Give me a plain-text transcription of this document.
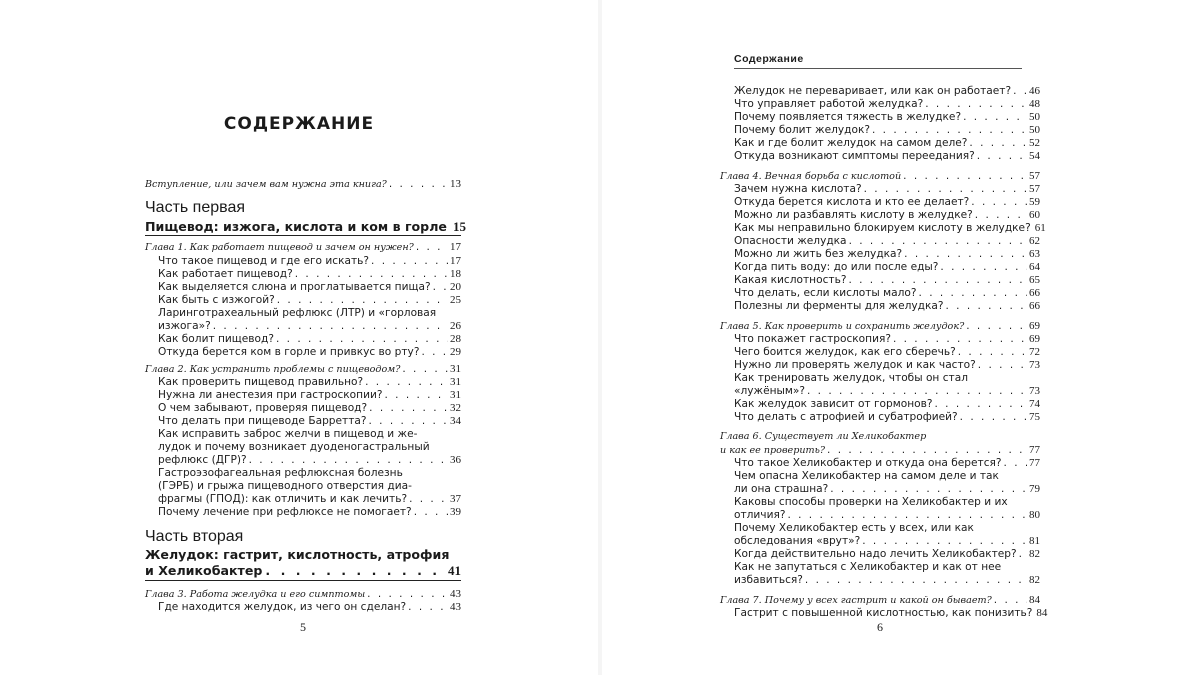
СОДЕРЖАНИЕ
Вступление, или зачем вам нужна эта книга? . . .	13
Часть первая
Пищевод: изжога, кислота и ком в горле 15
Глава 1. Как работает пищевод и зачем он нужен? . . .	17
Что такое пищевод и где его искать? . . .	17
Как работает пищевод? . . .	18
Как выделяется слюна и проглатывается пища? . . . 20
Как быть с изжогой? . . .	25
Ларинготрахеальный рефлюкс (ЛТР) и «горловая
изжога»? . . .	26
Как болит пищевод? . . .	28
Откуда берется ком в горле и привкус во рту? . . .	29
Глава 2. Как устранить проблемы с пищеводом? . . .	31
Как проверить пищевод правильно? . . .	31
Нужна ли анестезия при гастроскопии? . . .	31
О чем забывают, проверяя пищевод? . . .	32
Что делать при пищеводе Барретта? . . .	34
Как исправить заброс желчи в пищевод и же-
лудок и почему возникает дуоденогастральный
рефлюкс (ДГР)? . . .	36
Гастроэзофагеальная рефлюксная болезнь
(ГЭРБ) и грыжа пищеводного отверстия диа-
фрагмы (ГПОД): как отличить и как лечить? . . .	37
Почему лечение при рефлюксе не помогает? . . .	39
Часть вторая
Желудок: гастрит, кислотность, атрофия
и Хеликобактер . . .	41
Глава 3. Работа желудка и его симптомы . . .	43
Где находится желудок, из чего он сделан? . . .	43
5
Содержание
Желудок не переваривает, или как он работает? . . . 46
Что управляет работой желудка? . . .	48
Почему появляется тяжесть в желудке? . . .	50
Почему болит желудок? . . .	50
Как и где болит желудок на самом деле? . . .	52
Откуда возникают симптомы переедания? . . .	54
Глава 4. Вечная борьба с кислотой . . .	57
Зачем нужна кислота? . . .	57
Откуда берется кислота и кто ее делает? . . .	59
Можно ли разбавлять кислоту в желудке? . . .	60
Как мы неправильно блокируем кислоту в желудке? 61
Опасности желудка . . .	62
Можно ли жить без желудка? . . .	63
Когда пить воду: до или после еды? . . .	64
Какая кислотность? . . .	65
Что делать, если кислоты мало? . . .	66
Полезны ли ферменты для желудка? . . .	66
Глава 5. Как проверить и сохранить желудок? . . .	69
Что покажет гастроскопия? . . .	69
Чего боится желудок, как его сберечь? . . .	72
Нужно ли проверять желудок и как часто? . . .	73
Как тренировать желудок, чтобы он стал
«лужёным»? . . .	73
Как желудок зависит от гормонов? . . .	74
Что делать с атрофией и субатрофией? . . .	75
Глава 6. Существует ли Хеликобактер
и как ее проверить? . . .	77
Что такое Хеликобактер и откуда она берется? . . . 77
Чем опасна Хеликобактер на самом деле и так
ли она страшна? . . .	79
Каковы способы проверки на Хеликобактер и их
отличия? . . .	80
Почему Хеликобактер есть у всех, или как
обследования «врут»? . . .	81
Когда действительно надо лечить Хеликобактер? . . . 82
Как не запутаться с Хеликобактер и как от нее
избавиться? . . .	82
Глава 7. Почему у всех гастрит и какой он бывает? . . .	84
Гастрит с повышенной кислотностью, как понизить? 84
6
